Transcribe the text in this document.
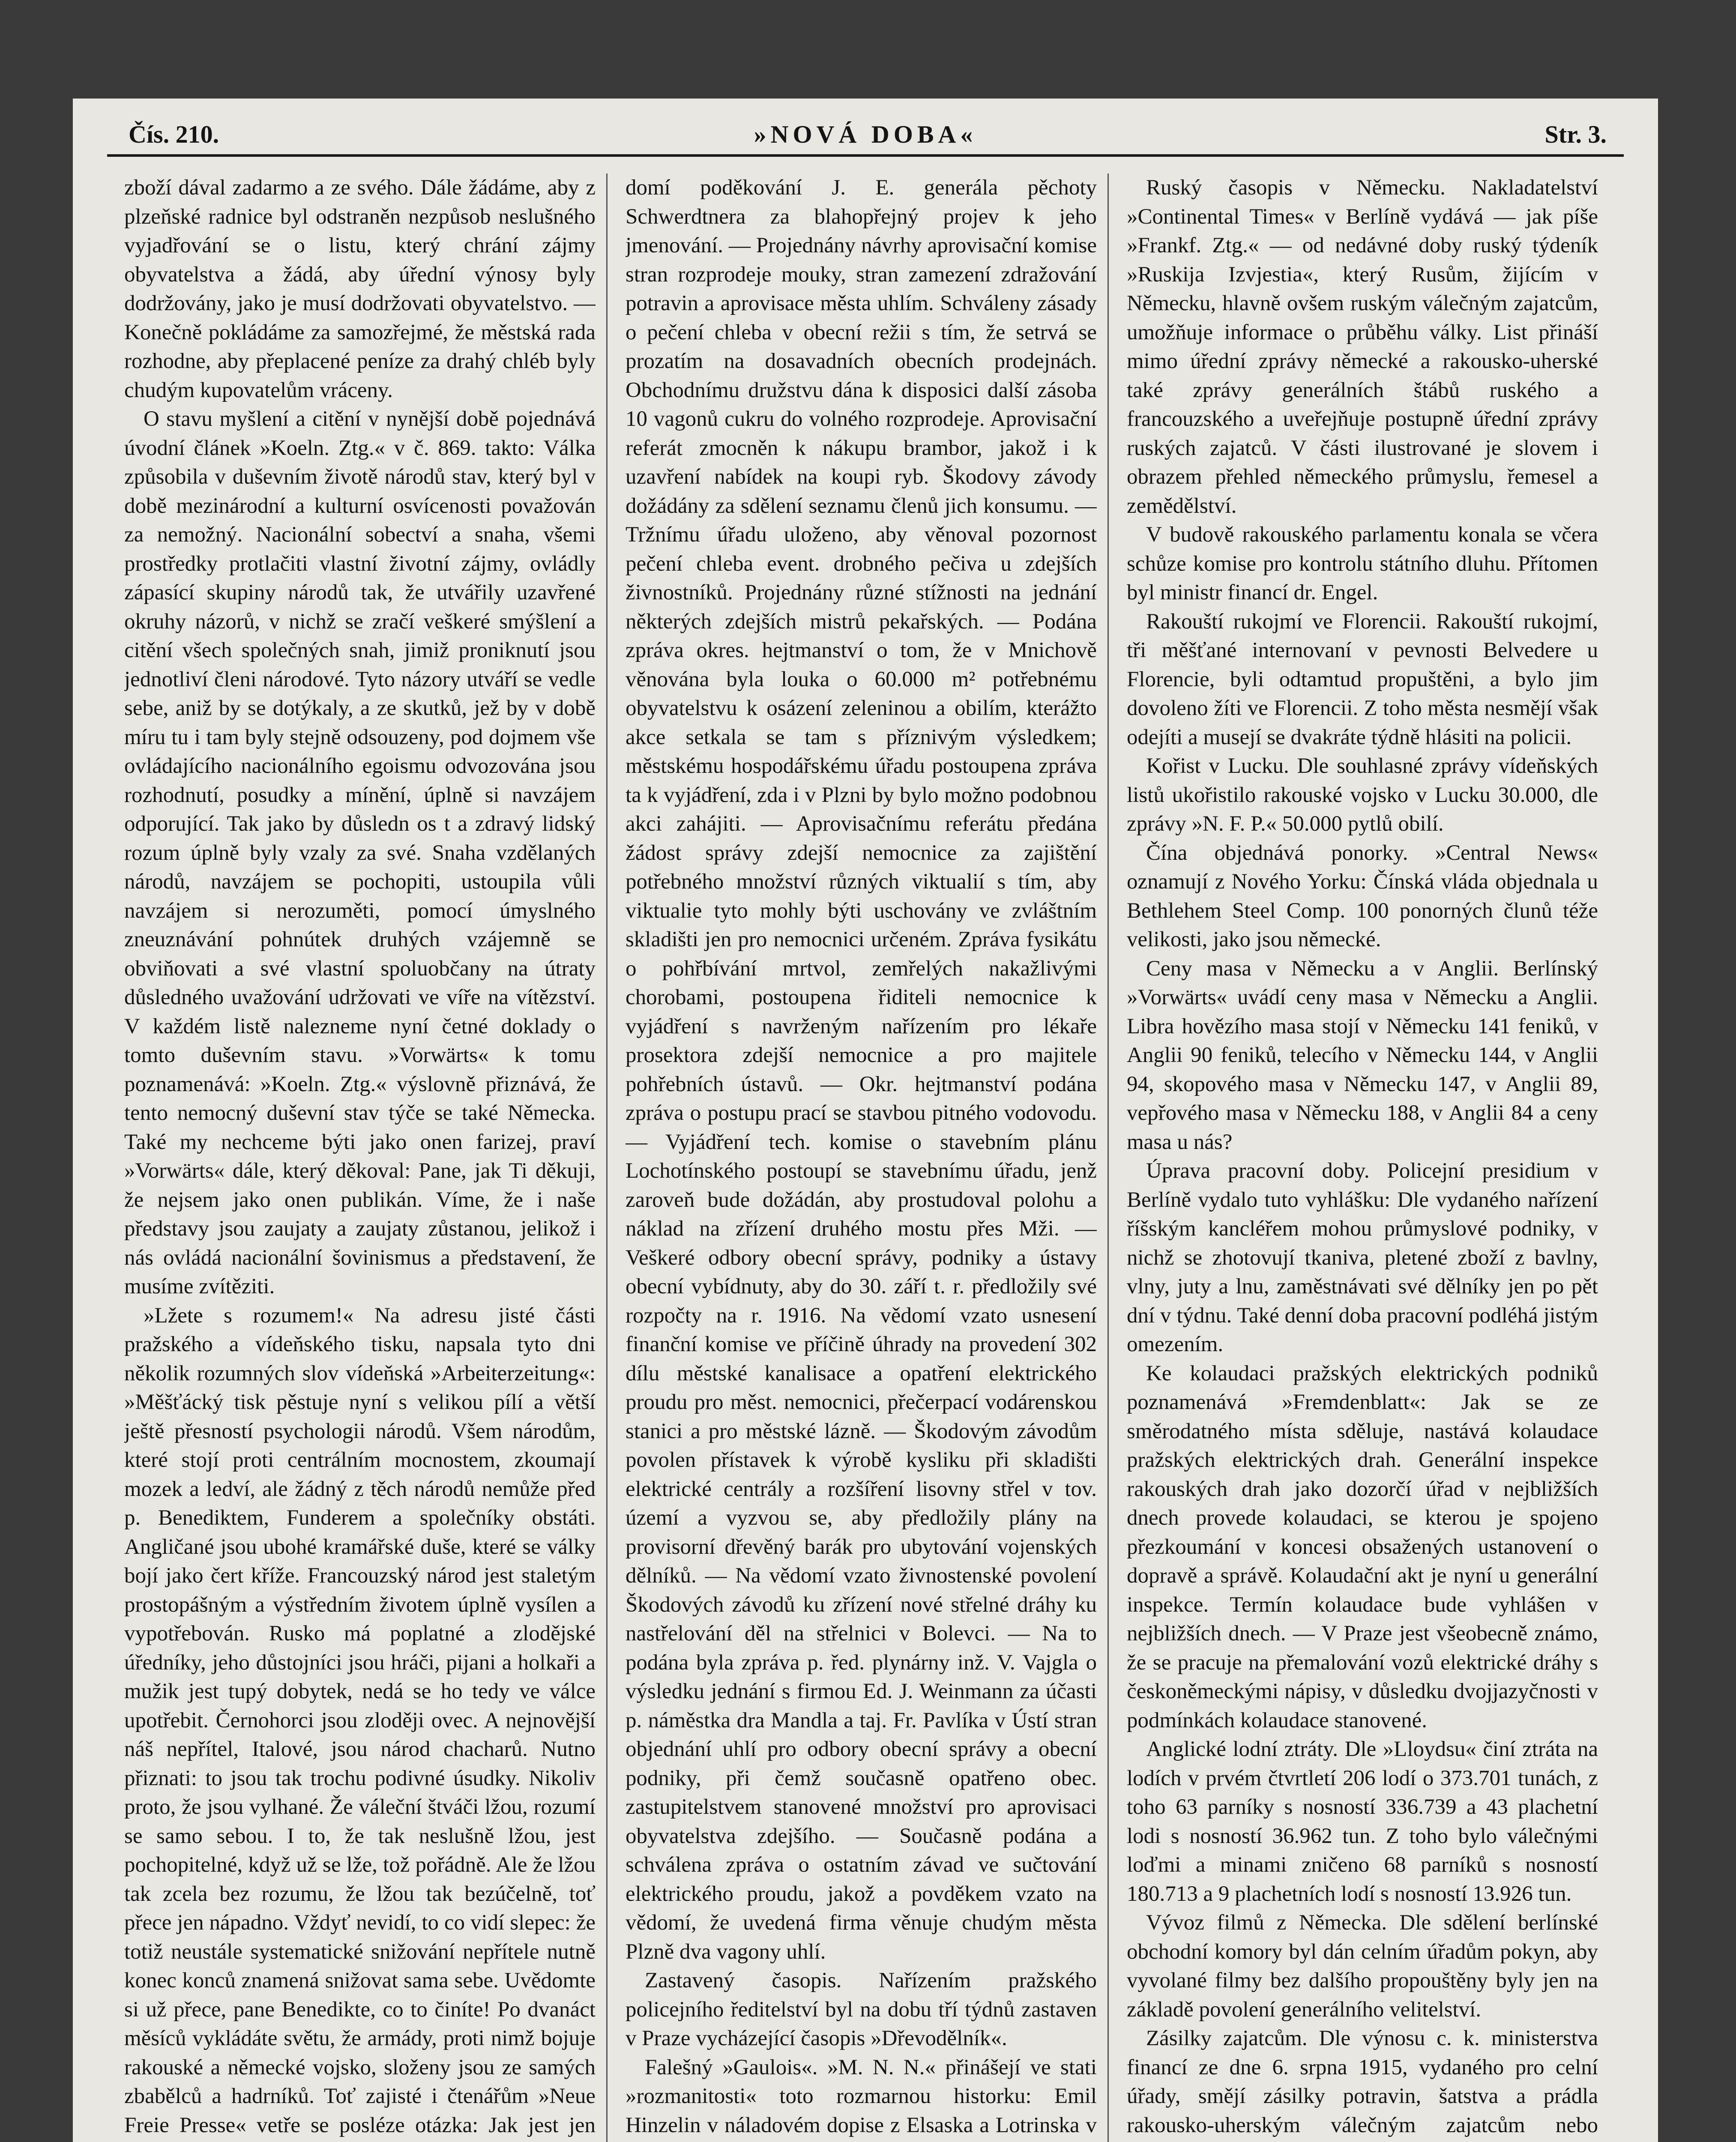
Čís. 210.	»NOVÁ DOBA«	Str. 3.

zboží dával zadarmo a ze svého. Dále žádáme, aby z plzeňské radnice byl odstraněn nezpůsob neslušného vyjadřování se o listu, který chrání zájmy obyvatelstva a žádá, aby úřední výnosy byly dodržovány, jako je musí dodržovati obyvatelstvo. — Konečně pokládáme za samozřejmé, že městská rada rozhodne, aby přeplacené peníze za drahý chléb byly chudým kupovatelům vráceny.

O stavu myšlení a citění v nynější době pojednává úvodní článek »Koeln. Ztg.« v č. 869. takto: Válka způsobila v duševním životě národů stav, který byl v době mezinárodní a kulturní osvícenosti považován za nemožný. Nacionální sobectví a snaha, všemi prostředky protlačiti vlastní životní zájmy, ovládly zápasící skupiny národů tak, že utvářily uzavřené okruhy názorů, v nichž se zračí veškeré smýšlení a citění všech společných snah, jimiž proniknutí jsou jednotliví členi národové. Tyto názory utváří se vedle sebe, aniž by se dotýkaly, a ze skutků, jež by v době míru tu i tam byly stejně odsouzeny, pod dojmem vše ovládajícího nacionálního egoismu odvozována jsou rozhodnutí, posudky a mínění, úplně si navzájem odporující. Tak jako by důsledn os t a zdravý lidský rozum úplně byly vzaly za své. Snaha vzdělaných národů, navzájem se pochopiti, ustoupila vůli navzájem si nerozuměti, pomocí úmyslného zneuznávání pohnútek druhých vzájemně se obviňovati a své vlastní spoluobčany na útraty důsledného uvažování udržovati ve víře na vítězství. V každém listě nalezneme nyní četné doklady o tomto duševním stavu. »Vorwärts« k tomu poznamenává: »Koeln. Ztg.« výslovně přiznává, že tento nemocný duševní stav týče se také Německa. Také my nechceme býti jako onen farizej, praví »Vorwärts« dále, který děkoval: Pane, jak Ti děkuji, že nejsem jako onen publikán. Víme, že i naše představy jsou zaujaty a zaujaty zůstanou, jelikož i nás ovládá nacionální šovinismus a představení, že musíme zvítěziti.

»Lžete s rozumem!« Na adresu jisté části pražského a vídeňského tisku, napsala tyto dni několik rozumných slov vídeňská »Arbeiterzeitung«: »Měšťácký tisk pěstuje nyní s velikou pílí a větší ještě přesností psychologii národů. Všem národům, které stojí proti centrálním mocnostem, zkoumají mozek a ledví, ale žádný z těch národů nemůže před p. Benediktem, Funderem a společníky obstáti. Angličané jsou ubohé kramářské duše, které se války bojí jako čert kříže. Francouzský národ jest staletým prostopášným a výstředním životem úplně vysílen a vypotřebován. Rusko má poplatné a zlodějské úředníky, jeho důstojníci jsou hráči, pijani a holkaři a mužik jest tupý dobytek, nedá se ho tedy ve válce upotřebit. Černohorci jsou zloději ovec. A nejnovější náš nepřítel, Italové, jsou národ chacharů. Nutno přiznati: to jsou tak trochu podivné úsudky. Nikoliv proto, že jsou vylhané. Že váleční štváči lžou, rozumí se samo sebou. I to, že tak neslušně lžou, jest pochopitelné, když už se lže, tož pořádně. Ale že lžou tak zcela bez rozumu, že lžou tak bezúčelně, toť přece jen nápadno. Vždyť nevidí, to co vidí slepec: že totiž neustále systematické snižování nepřítele nutně konec konců znamená snižovat sama sebe. Uvědomte si už přece, pane Benedikte, co to činíte! Po dvanáct měsíců vykládáte světu, že armády, proti nimž bojuje rakouské a německé vojsko, složeny jsou ze samých zbabělců a hadrníků. Toť zajisté i čtenářům »Neue Freie Presse« vetře se posléze otázka: Jak jest jen

domí poděkování J. E. generála pěchoty Schwerdtnera za blahopřejný projev k jeho jmenování. — Projednány návrhy aprovisační komise stran rozprodeje mouky, stran zamezení zdražování potravin a aprovisace města uhlím. Schváleny zásady o pečení chleba v obecní režii s tím, že setrvá se prozatím na dosavadních obecních prodejnách. Obchodnímu družstvu dána k disposici další zásoba 10 vagonů cukru do volného rozprodeje. Aprovisační referát zmocněn k nákupu brambor, jakož i k uzavření nabídek na koupi ryb. Škodovy závody dožádány za sdělení seznamu členů jich konsumu. — Tržnímu úřadu uloženo, aby věnoval pozornost pečení chleba event. drobného pečiva u zdejších živnostníků. Projednány různé stížnosti na jednání některých zdejších mistrů pekařských. — Podána zpráva okres. hejtmanství o tom, že v Mnichově věnována byla louka o 60.000 m² potřebnému obyvatelstvu k osázení zeleninou a obilím, kterážto akce setkala se tam s příznivým výsledkem; městskému hospodářskému úřadu postoupena zpráva ta k vyjádření, zda i v Plzni by bylo možno podobnou akci zahájiti. — Aprovisačnímu referátu předána žádost správy zdejší nemocnice za zajištění potřebného množství různých viktualií s tím, aby viktualie tyto mohly býti uschovány ve zvláštním skladišti jen pro nemocnici určeném. Zpráva fysikátu o pohřbívání mrtvol, zemřelých nakažlivými chorobami, postoupena řiditeli nemocnice k vyjádření s navrženým nařízením pro lékaře prosektora zdejší nemocnice a pro majitele pohřebních ústavů. — Okr. hejtmanství podána zpráva o postupu prací se stavbou pitného vodovodu. — Vyjádření tech. komise o stavebním plánu Lochotínského postoupí se stavebnímu úřadu, jenž zaroveň bude dožádán, aby prostudoval polohu a náklad na zřízení druhého mostu přes Mži. — Veškeré odbory obecní správy, podniky a ústavy obecní vybídnuty, aby do 30. září t. r. předložily své rozpočty na r. 1916. Na vědomí vzato usnesení finanční komise ve příčině úhrady na provedení 302 dílu městské kanalisace a opatření elektrického proudu pro měst. nemocnici, přečerpací vodárenskou stanici a pro městské lázně. — Škodovým závodům povolen přístavek k výrobě kysliku při skladišti elektrické centrály a rozšíření lisovny střel v tov. území a vyzvou se, aby předložily plány na provisorní dřevěný barák pro ubytování vojenských dělníků. — Na vědomí vzato živnostenské povolení Škodových závodů ku zřízení nové střelné dráhy ku nastřelování děl na střelnici v Bolevci. — Na to podána byla zpráva p. řed. plynárny inž. V. Vajgla o výsledku jednání s firmou Ed. J. Weinmann za účasti p. náměstka dra Mandla a taj. Fr. Pavlíka v Ústí stran objednání uhlí pro odbory obecní správy a obecní podniky, při čemž současně opatřeno obec. zastupitelstvem stanovené množství pro aprovisaci obyvatelstva zdejšího. — Současně podána a schválena zpráva o ostatním závad ve sučtování elektrického proudu, jakož a povděkem vzato na vědomí, že uvedená firma věnuje chudým města Plzně dva vagony uhlí.

Zastavený časopis. Nařízením pražského policejního ředitelství byl na dobu tří týdnů zastaven v Praze vycházející časopis »Dřevodělník«.

Falešný »Gaulois«. »M. N. N.« přinášejí ve stati »rozmanitosti« toto rozmarnou historku: Emil Hinzelin v náladovém dopise z Elsaska a Lotrinska v

Ruský časopis v Německu. Nakladatelství »Continental Times« v Berlíně vydává — jak píše »Frankf. Ztg.« — od nedávné doby ruský týdeník »Ruskija Izvjestia«, který Rusům, žijícím v Německu, hlavně ovšem ruským válečným zajatcům, umožňuje informace o průběhu války. List přináší mimo úřední zprávy německé a rakousko-uherské také zprávy generálních štábů ruského a francouzského a uveřejňuje postupně úřední zprávy ruských zajatců. V části ilustrované je slovem i obrazem přehled německého průmyslu, řemesel a zemědělství.

V budově rakouského parlamentu konala se včera schůze komise pro kontrolu státního dluhu. Přítomen byl ministr financí dr. Engel.

Rakouští rukojmí ve Florencii. Rakouští rukojmí, tři měšťané internovaní v pevnosti Belvedere u Florencie, byli odtamtud propuštěni, a bylo jim dovoleno žíti ve Florencii. Z toho města nesmějí však odejíti a musejí se dvakráte týdně hlásiti na policii.

Kořist v Lucku. Dle souhlasné zprávy vídeňských listů ukořistilo rakouské vojsko v Lucku 30.000, dle zprávy »N. F. P.« 50.000 pytlů obilí.

Čína objednává ponorky. »Central News« oznamují z Nového Yorku: Čínská vláda objednala u Bethlehem Steel Comp. 100 ponorných člunů téže velikosti, jako jsou německé.

Ceny masa v Německu a v Anglii. Berlínský »Vorwärts« uvádí ceny masa v Německu a Anglii. Libra hovězího masa stojí v Německu 141 feniků, v Anglii 90 feniků, telecího v Německu 144, v Anglii 94, skopového masa v Německu 147, v Anglii 89, vepřového masa v Německu 188, v Anglii 84 a ceny masa u nás?

Úprava pracovní doby. Policejní presidium v Berlíně vydalo tuto vyhlášku: Dle vydaného nařízení říšským kancléřem mohou průmyslové podniky, v nichž se zhotovují tkaniva, pletené zboží z bavlny, vlny, juty a lnu, zaměstnávati své dělníky jen po pět dní v týdnu. Také denní doba pracovní podléhá jistým omezením.

Ke kolaudaci pražských elektrických podniků poznamenává »Fremdenblatt«: Jak se ze směrodatného místa sděluje, nastává kolaudace pražských elektrických drah. Generální inspekce rakouských drah jako dozorčí úřad v nejbližších dnech provede kolaudaci, se kterou je spojeno přezkoumání v koncesi obsažených ustanovení o dopravě a správě. Kolaudační akt je nyní u generální inspekce. Termín kolaudace bude vyhlášen v nejbližších dnech. — V Praze jest všeobecně známo, že se pracuje na přemalování vozů elektrické dráhy s českoněmeckými nápisy, v důsledku dvojjazyčnosti v podmínkách kolaudace stanovené.

Anglické lodní ztráty. Dle »Lloydsu« činí ztráta na lodích v prvém čtvrtletí 206 lodí o 373.701 tunách, z toho 63 parníky s nosností 336.739 a 43 plachetní lodi s nosností 36.962 tun. Z toho bylo válečnými loďmi a minami zničeno 68 parníků s nosností 180.713 a 9 plachetních lodí s nosností 13.926 tun.

Vývoz filmů z Německa. Dle sdělení berlínské obchodní komory byl dán celním úřadům pokyn, aby vyvolané filmy bez dalšího propouštěny byly jen na základě povolení generálního velitelství.

Zásilky zajatcům. Dle výnosu c. k. ministerstva financí ze dne 6. srpna 1915, vydaného pro celní úřady, smějí zásilky potravin, šatstva a prádla rakousko-uherským válečným zajatcům nebo
